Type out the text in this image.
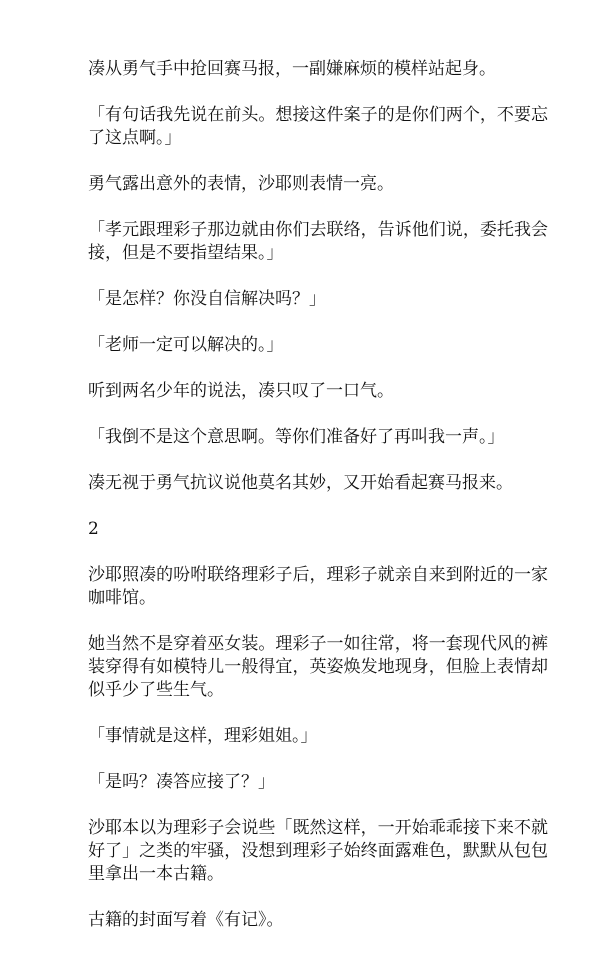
凑从勇气手中抢回赛马报，一副嫌麻烦的模样站起身。

「有句话我先说在前头。想接这件案子的是你们两个，不要忘了这点啊。」

勇气露出意外的表情，沙耶则表情一亮。

「孝元跟理彩子那边就由你们去联络，告诉他们说，委托我会接，但是不要指望结果。」

「是怎样？你没自信解决吗？」

「老师一定可以解决的。」

听到两名少年的说法，凑只叹了一口气。

「我倒不是这个意思啊。等你们准备好了再叫我一声。」

凑无视于勇气抗议说他莫名其妙，又开始看起赛马报来。

2

沙耶照凑的吩咐联络理彩子后，理彩子就亲自来到附近的一家咖啡馆。

她当然不是穿着巫女装。理彩子一如往常，将一套现代风的裤装穿得有如模特儿一般得宜，英姿焕发地现身，但脸上表情却似乎少了些生气。

「事情就是这样，理彩姐姐。」

「是吗？凑答应接了？」

沙耶本以为理彩子会说些「既然这样，一开始乖乖接下来不就好了」之类的牢骚，没想到理彩子始终面露难色，默默从包包里拿出一本古籍。

古籍的封面写着《有记》。
